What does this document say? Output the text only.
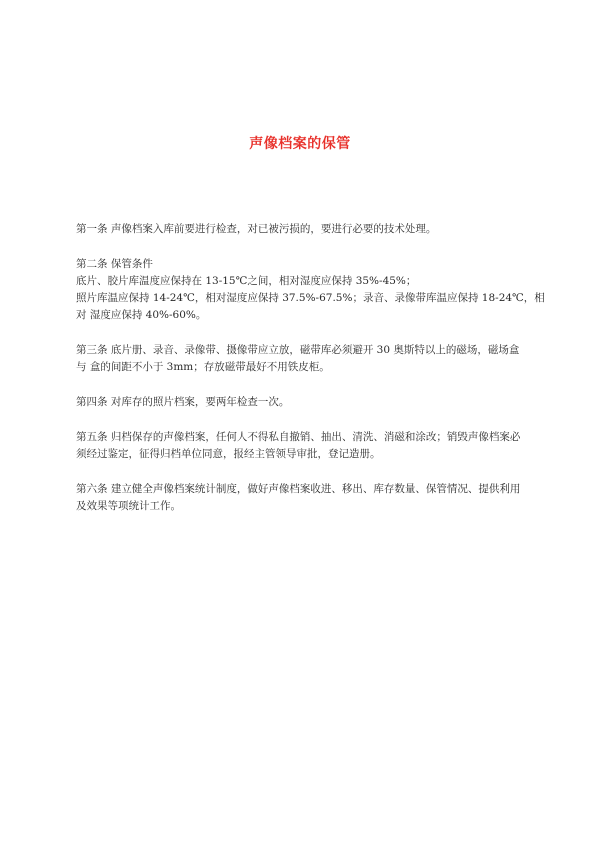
声像档案的保管

第一条 声像档案入库前要进行检查，对已被污损的，要进行必要的技术处理。

第二条 保管条件

底片、胶片库温度应保持在 13-15℃之间，相对湿度应保持 35%-45%；

照片库温应保持 14-24℃，相对湿度应保持 37.5%-67.5%；录音、录像带库温应保持 18-24℃，相

对 湿度应保持 40%-60%。

第三条 底片册、录音、录像带、摄像带应立放，磁带库必须避开 30 奥斯特以上的磁场，磁场盒

与 盒的间距不小于 3mm；存放磁带最好不用铁皮柜。

第四条 对库存的照片档案，要两年检查一次。

第五条 归档保存的声像档案，任何人不得私自撤销、抽出、清洗、消磁和涂改；销毁声像档案必

须经过鉴定，征得归档单位同意，报经主管领导审批，登记造册。

第六条 建立健全声像档案统计制度，做好声像档案收进、移出、库存数量、保管情况、提供利用

及效果等项统计工作。
